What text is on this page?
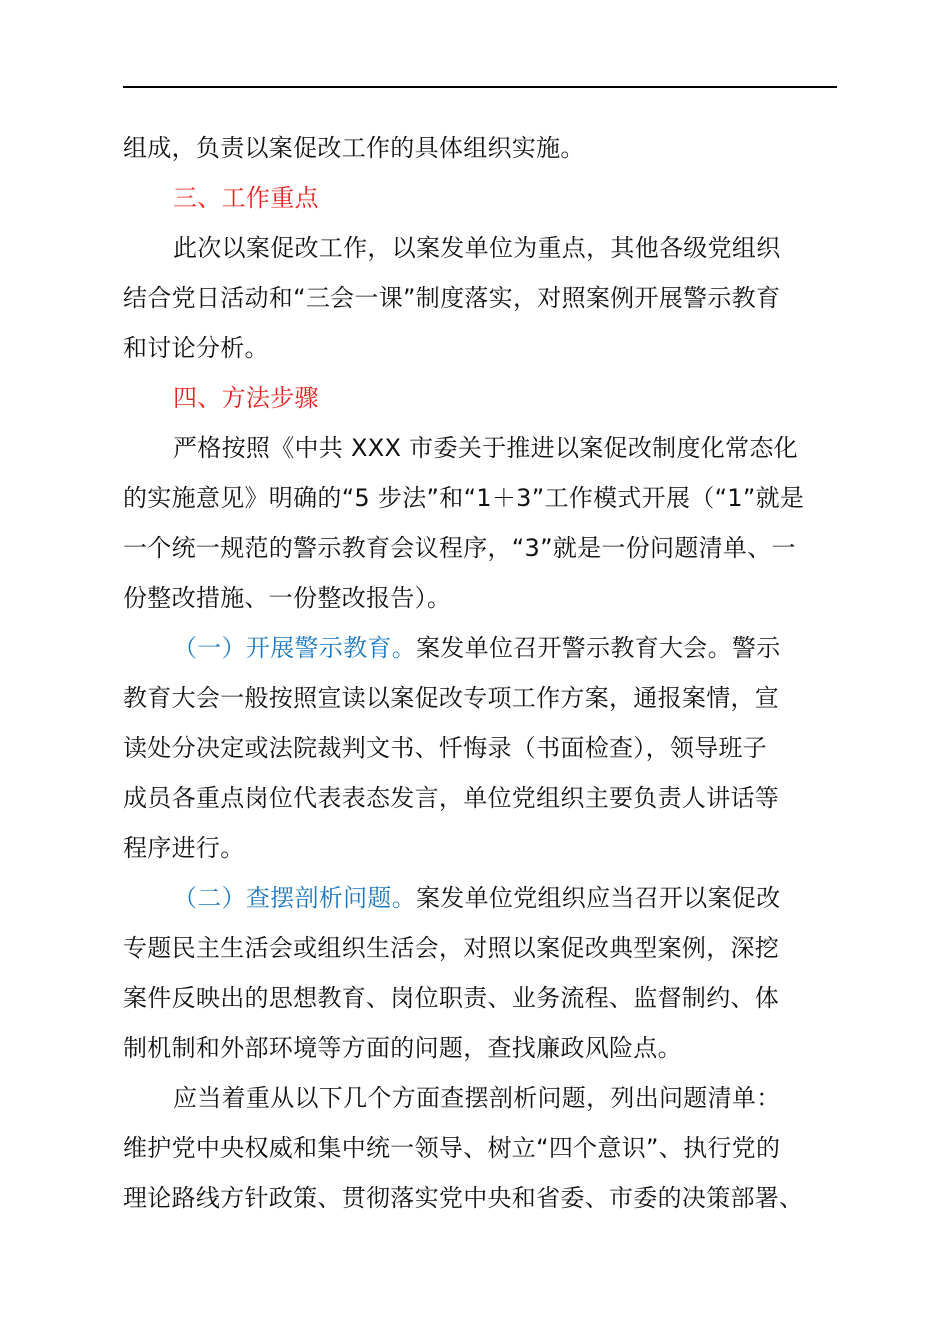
组成，负责以案促改工作的具体组织实施。
三、工作重点
此次以案促改工作，以案发单位为重点，其他各级党组织
结合党日活动和“三会一课”制度落实，对照案例开展警示教育
和讨论分析。
四、方法步骤
严格按照《中共 XXX 市委关于推进以案促改制度化常态化
的实施意见》明确的“5 步法”和“1＋3”工作模式开展（“1”就是
一个统一规范的警示教育会议程序，“3”就是一份问题清单、一
份整改措施、一份整改报告）。
（一）开展警示教育。案发单位召开警示教育大会。警示
教育大会一般按照宣读以案促改专项工作方案，通报案情，宣
读处分决定或法院裁判文书、忏悔录（书面检查），领导班子
成员各重点岗位代表表态发言，单位党组织主要负责人讲话等
程序进行。
（二）查摆剖析问题。案发单位党组织应当召开以案促改
专题民主生活会或组织生活会，对照以案促改典型案例，深挖
案件反映出的思想教育、岗位职责、业务流程、监督制约、体
制机制和外部环境等方面的问题，查找廉政风险点。
应当着重从以下几个方面查摆剖析问题，列出问题清单：
维护党中央权威和集中统一领导、树立“四个意识”、执行党的
理论路线方针政策、贯彻落实党中央和省委、市委的决策部署、
